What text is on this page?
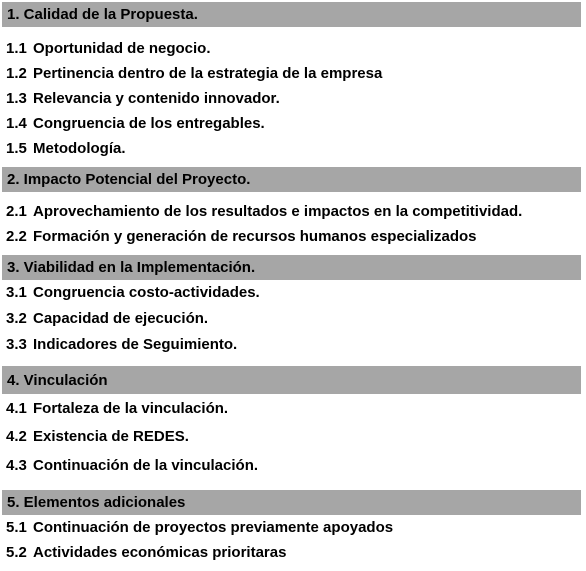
1. Calidad de la Propuesta.
1.1 Oportunidad de negocio.
1.2 Pertinencia dentro de la estrategia de la empresa
1.3 Relevancia y contenido innovador.
1.4 Congruencia de los entregables.
1.5 Metodología.
2. Impacto Potencial del Proyecto.
2.1 Aprovechamiento de los resultados e impactos en la competitividad.
2.2 Formación y generación de recursos humanos especializados
3. Viabilidad en la Implementación.
3.1 Congruencia costo-actividades.
3.2 Capacidad de ejecución.
3.3 Indicadores de Seguimiento.
4. Vinculación
4.1 Fortaleza de la vinculación.
4.2 Existencia de REDES.
4.3 Continuación de la vinculación.
5. Elementos adicionales
5.1 Continuación de proyectos previamente apoyados
5.2 Actividades económicas prioritaras
